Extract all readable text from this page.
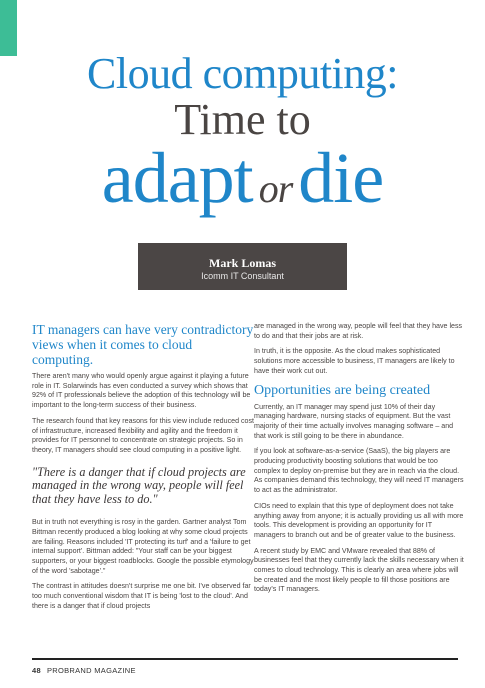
Cloud computing:
Time to
adapt ordie
Mark Lomas
Icomm IT Consultant
IT managers can have very contradictory views when it comes to cloud computing.

There aren't many who would openly argue against it playing a future role in IT. Solarwinds has even conducted a survey which shows that 92% of IT professionals believe the adoption of this technology will be important to the long-term success of their business.

The research found that key reasons for this view include reduced cost of infrastructure, increased flexibility and agility and the freedom it provides for IT personnel to concentrate on strategic projects. So in theory, IT managers should see cloud computing in a positive light.

"There is a danger that if cloud projects are managed in the wrong way, people will feel that they have less to do."

But in truth not everything is rosy in the garden. Gartner analyst Tom Bittman recently produced a blog looking at why some cloud projects are failing. Reasons included 'IT protecting its turf' and a 'failure to get internal support'. Bittman added: "Your staff can be your biggest supporters, or your biggest roadblocks. Google the possible etymology of the word 'sabotage'."

The contrast in attitudes doesn't surprise me one bit. I've observed far too much conventional wisdom that IT is being 'lost to the cloud'. And there is a danger that if cloud projects

are managed in the wrong way, people will feel that they have less to do and that their jobs are at risk.

In truth, it is the opposite. As the cloud makes sophisticated solutions more accessible to business, IT managers are likely to have their work cut out.

Opportunities are being created

Currently, an IT manager may spend just 10% of their day managing hardware, nursing stacks of equipment. But the vast majority of their time actually involves managing software – and that work is still going to be there in abundance.

If you look at software-as-a-service (SaaS), the big players are producing productivity boosting solutions that would be too complex to deploy on-premise but they are in reach via the cloud. As companies demand this technology, they will need IT managers to act as the administrator.

CIOs need to explain that this type of deployment does not take anything away from anyone; it is actually providing us all with more tools. This development is providing an opportunity for IT managers to branch out and be of greater value to the business.

A recent study by EMC and VMware revealed that 88% of businesses feel that they currently lack the skills necessary when it comes to cloud technology. This is clearly an area where jobs will be created and the most likely people to fill those positions are today's IT managers.

48 PROBRAND MAGAZINE
